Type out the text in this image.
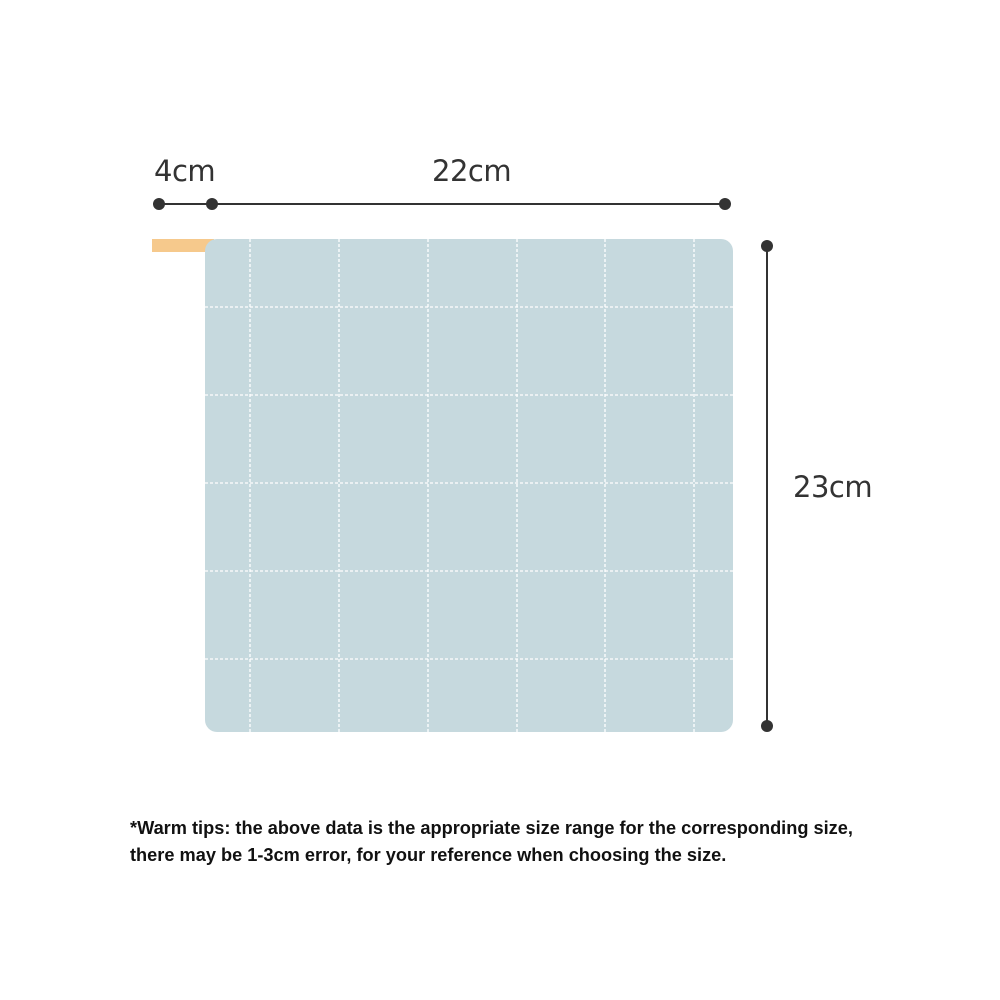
4cm	22cm
23cm
*Warm tips: the above data is the appropriate size range for the corresponding size,
there may be 1-3cm error, for your reference when choosing the size.
